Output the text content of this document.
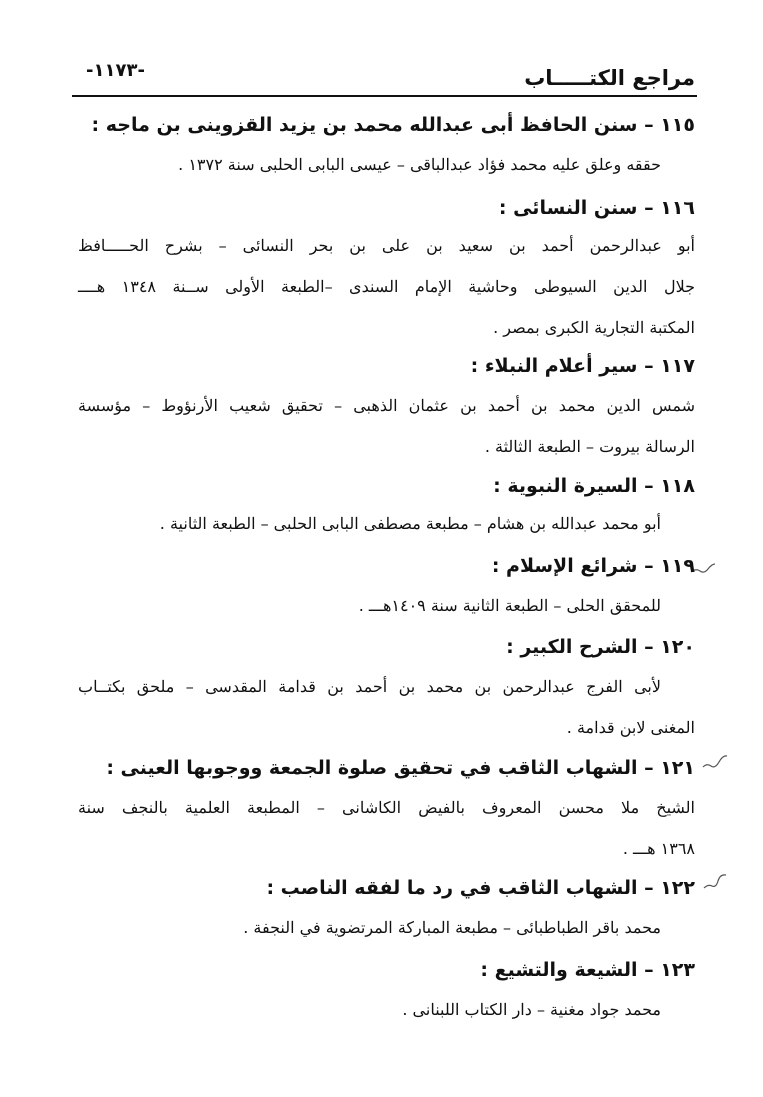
مراجع الكتـــــاب
-١١٧٣-
١١٥ – سنن الحافظ أبى عبدالله محمد بن يزيد القزوينى بن ماجه :
حققه وعلق عليه محمد فؤاد عبدالباقى – عيسى البابى الحلبى سنة ١٣٧٢ .
١١٦ – سنن النسائى :
أبو عبدالرحمن أحمد بن سعيد بن على بن بحر النسائى – بشرح الحـــــافظ
جلال الدين السيوطى وحاشية الإمام السندى –الطبعة الأولى ســنة ١٣٤٨ هــــ
المكتبة التجارية الكبرى بمصر .
١١٧ – سير أعلام النبلاء :
شمس الدين محمد بن أحمد بن عثمان الذهبى – تحقيق شعيب الأرنؤوط – مؤسسة
الرسالة بيروت – الطبعة الثالثة .
١١٨ – السيرة النبوية :
أبو محمد عبدالله بن هشام – مطبعة مصطفى البابى الحلبى – الطبعة الثانية .
١١٩ – شرائع الإسلام :
للمحقق الحلى – الطبعة الثانية سنة ١٤٠٩هـــ .
١٢٠ – الشرح الكبير :
لأبى الفرج عبدالرحمن بن محمد بن أحمد بن قدامة المقدسى – ملحق بكتــاب
المغنى لابن قدامة .
١٢١ – الشهاب الثاقب في تحقيق صلوة الجمعة ووجوبها العينى :
الشيخ ملا محسن المعروف بالفيض الكاشانى – المطبعة العلمية بالنجف سنة
١٣٦٨ هـــ .
١٢٢ – الشهاب الثاقب في رد ما لفقه الناصب :
محمد باقر الطباطبائى – مطبعة المباركة المرتضوية في النجفة .
١٢٣ – الشيعة والتشيع :
محمد جواد مغنية – دار الكتاب اللبنانى .
